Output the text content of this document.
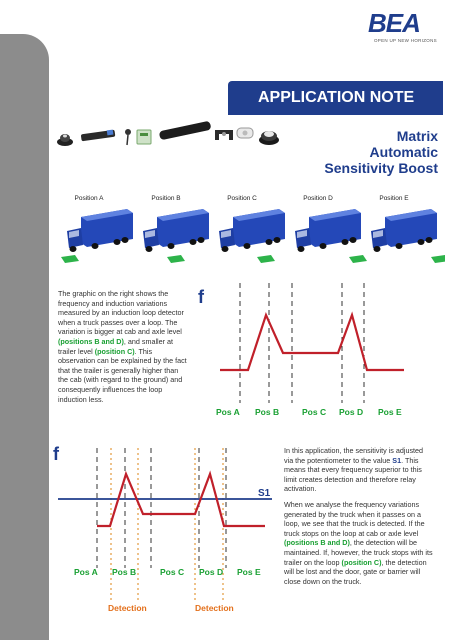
BEA
OPEN UP NEW HORIZONS
APPLICATION NOTE
Matrix
Automatic
Sensitivity Boost
Position A	Position B	Position C	Position D	Position E
The graphic on the right shows the frequency and induction variations measured by an induction loop detector when a truck passes over a loop. The variation is bigger at cab and axle level (positions B and D), and smaller at trailer level (position C). This observation can be explained by the fact that the trailer is generally higher than the cab (with regard to the ground) and consequently influences the loop induction less.
f
Pos A Pos B	Pos C Pos D Pos E
f
S1
Pos A Pos B	Pos C Pos D Pos E
Detection	Detection
In this application, the sensitivity is adjusted via the potentiometer to the value S1. This means that every frequency superior to this limit creates detection and therefore relay activation.
When we analyse the frequency variations generated by the truck when it passes on a loop, we see that the truck is detected. If the truck stops on the loop at cab or axle level (positions B and D), the detection will be maintained. If, however, the truck stops with its trailer on the loop (position C), the detection will be lost and the door, gate or barrier will close down on the truck.
